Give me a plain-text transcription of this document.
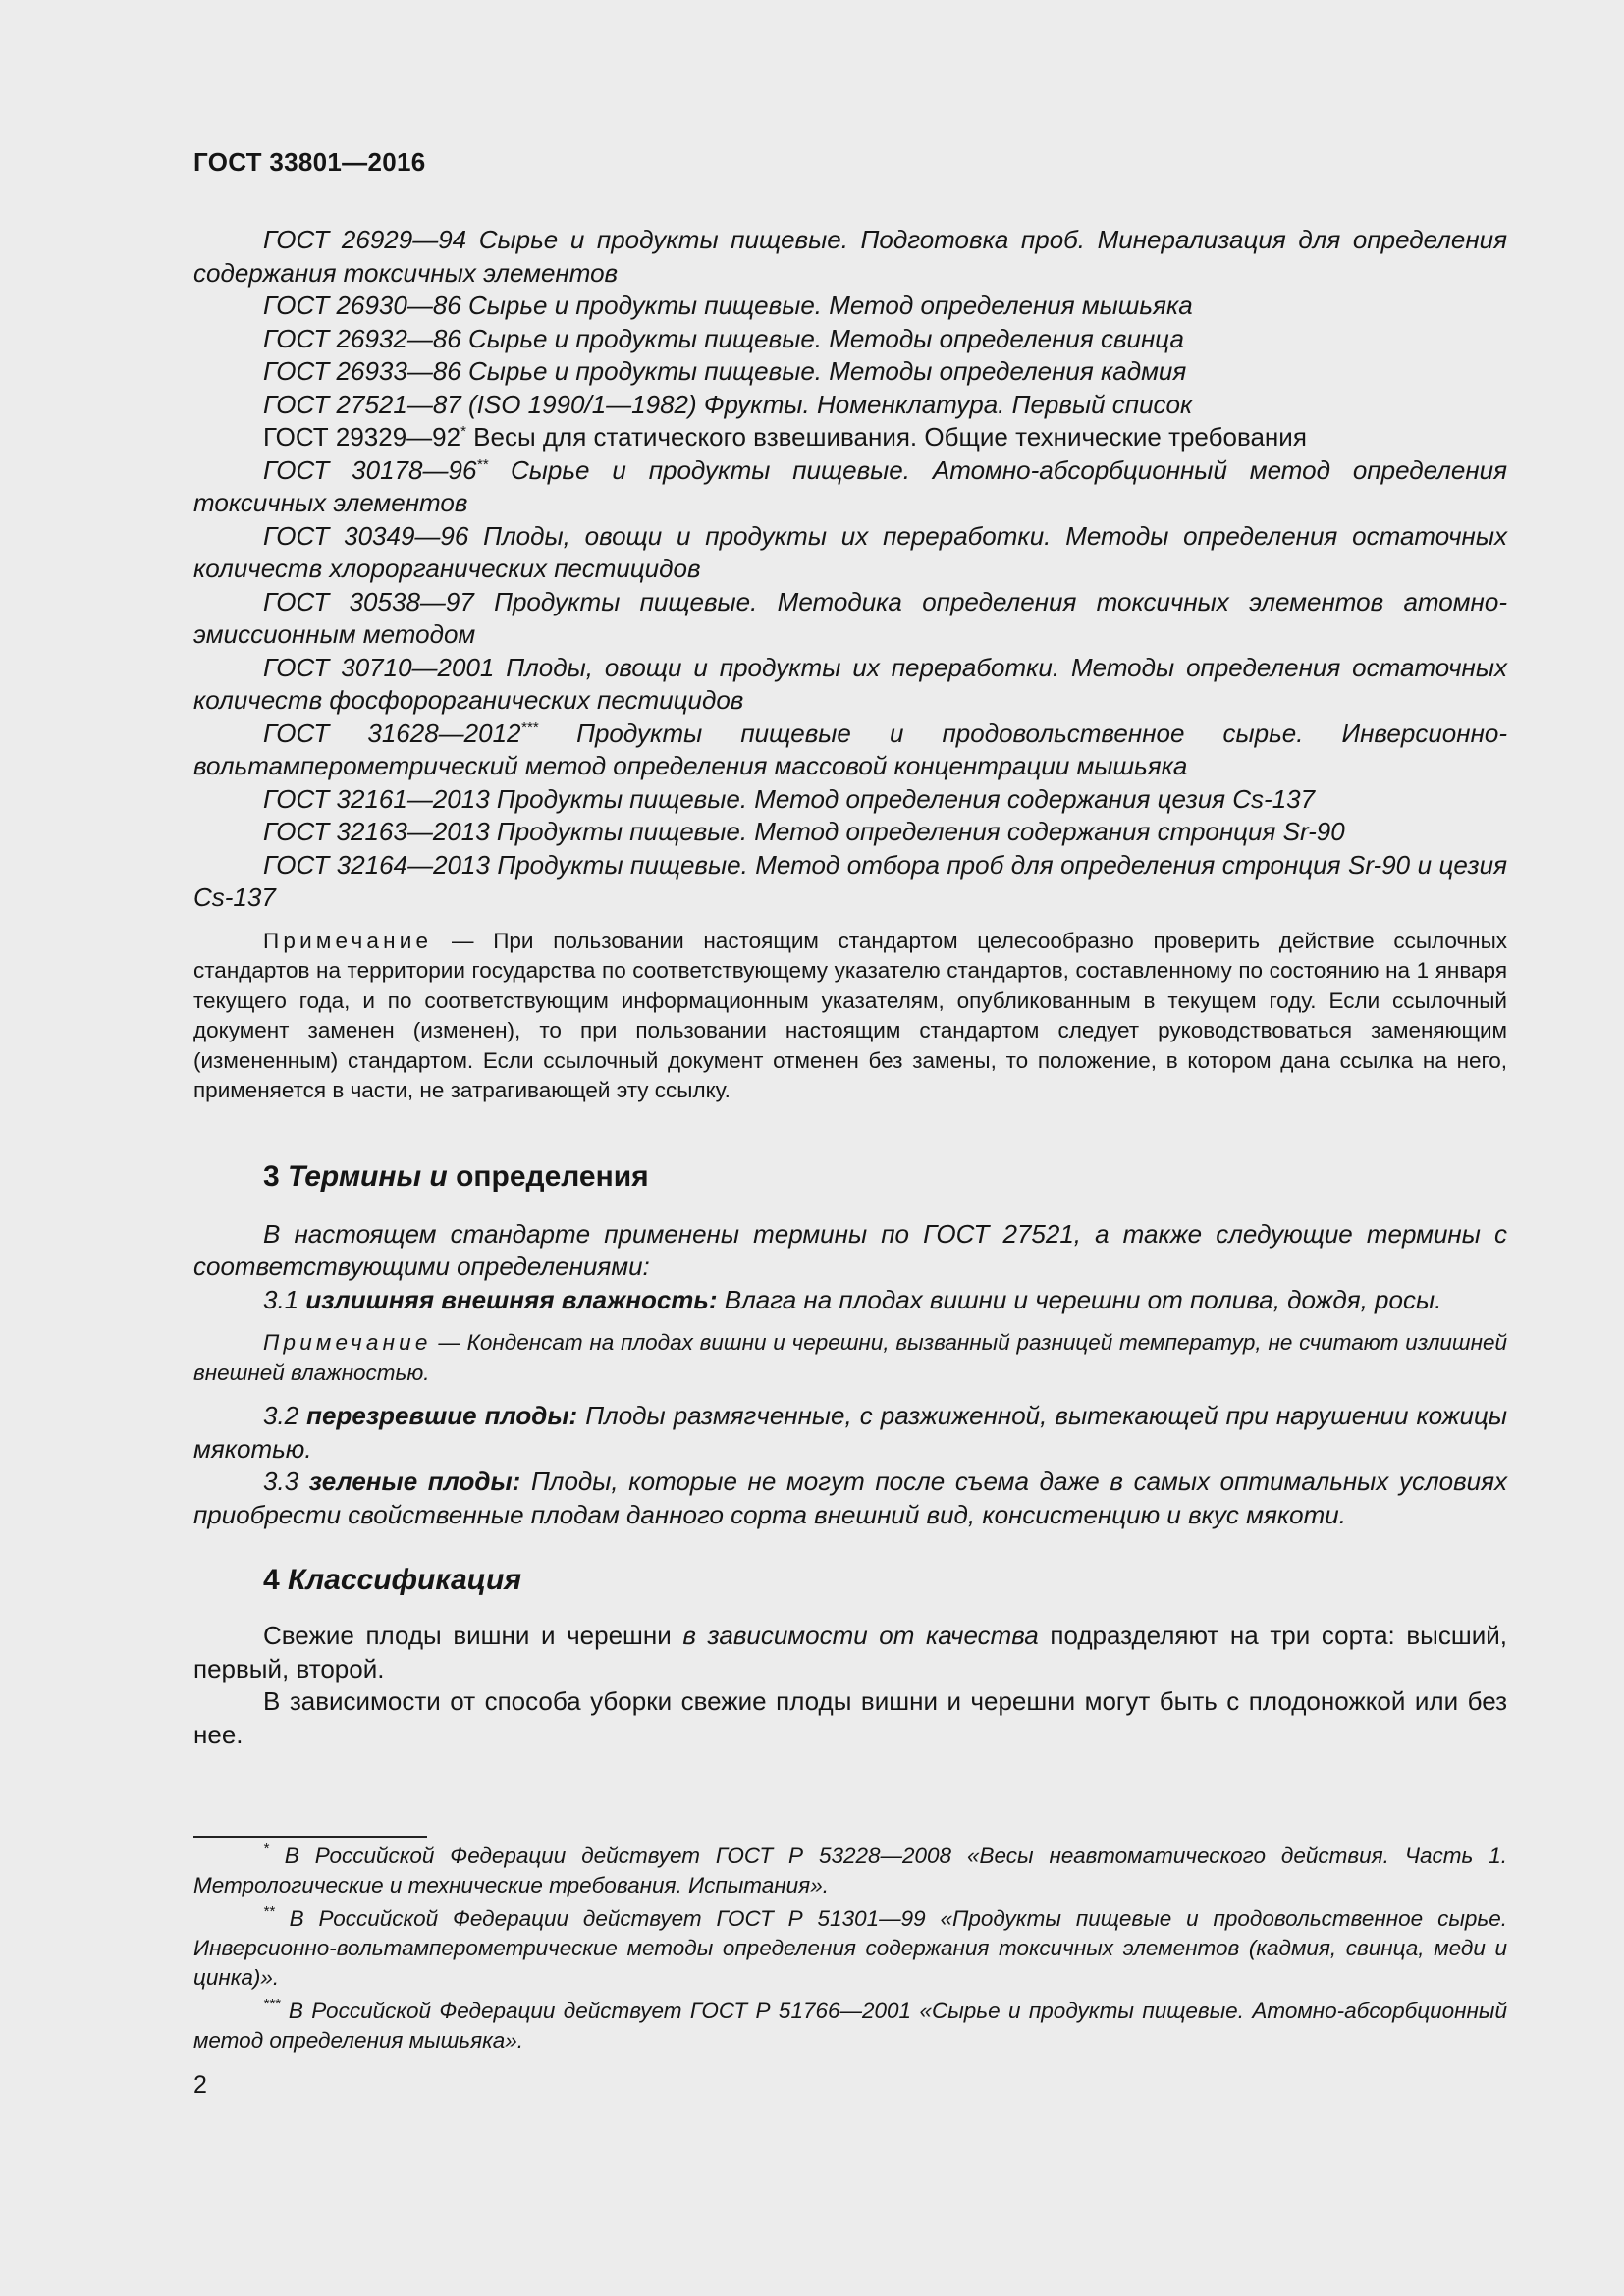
ГОСТ 33801—2016

ГОСТ 26929—94 Сырье и продукты пищевые. Подготовка проб. Минерализация для определения содержания токсичных элементов

ГОСТ 26930—86 Сырье и продукты пищевые. Метод определения мышьяка

ГОСТ 26932—86 Сырье и продукты пищевые. Методы определения свинца

ГОСТ 26933—86 Сырье и продукты пищевые. Методы определения кадмия

ГОСТ 27521—87 (ISO 1990/1—1982) Фрукты. Номенклатура. Первый список

ГОСТ 29329—92* Весы для статического взвешивания. Общие технические требования

ГОСТ 30178—96** Сырье и продукты пищевые. Атомно-абсорбционный метод определения токсичных элементов

ГОСТ 30349—96 Плоды, овощи и продукты их переработки. Методы определения остаточных количеств хлорорганических пестицидов

ГОСТ 30538—97 Продукты пищевые. Методика определения токсичных элементов атомно-эмиссионным методом

ГОСТ 30710—2001 Плоды, овощи и продукты их переработки. Методы определения остаточных количеств фосфорорганических пестицидов

ГОСТ 31628—2012*** Продукты пищевые и продовольственное сырье. Инверсионно-вольтамперометрический метод определения массовой концентрации мышьяка

ГОСТ 32161—2013 Продукты пищевые. Метод определения содержания цезия Cs-137

ГОСТ 32163—2013 Продукты пищевые. Метод определения содержания стронция Sr-90

ГОСТ 32164—2013 Продукты пищевые. Метод отбора проб для определения стронция Sr-90 и цезия Cs-137

Примечание — При пользовании настоящим стандартом целесообразно проверить действие ссылочных стандартов на территории государства по соответствующему указателю стандартов, составленному по состоянию на 1 января текущего года, и по соответствующим информационным указателям, опубликованным в текущем году. Если ссылочный документ заменен (изменен), то при пользовании настоящим стандартом следует руководствоваться заменяющим (измененным) стандартом. Если ссылочный документ отменен без замены, то положение, в котором дана ссылка на него, применяется в части, не затрагивающей эту ссылку.

3 Термины и определения

В настоящем стандарте применены термины по ГОСТ 27521, а также следующие термины с соответствующими определениями:

3.1 излишняя внешняя влажность: Влага на плодах вишни и черешни от полива, дождя, росы.

Примечание — Конденсат на плодах вишни и черешни, вызванный разницей температур, не считают излишней внешней влажностью.

3.2 перезревшие плоды: Плоды размягченные, с разжиженной, вытекающей при нарушении кожицы мякотью.

3.3 зеленые плоды: Плоды, которые не могут после съема даже в самых оптимальных условиях приобрести свойственные плодам данного сорта внешний вид, консистенцию и вкус мякоти.

4 Классификация

Свежие плоды вишни и черешни в зависимости от качества подразделяют на три сорта: высший, первый, второй.

В зависимости от способа уборки свежие плоды вишни и черешни могут быть с плодоножкой или без нее.

* В Российской Федерации действует ГОСТ Р 53228—2008 «Весы неавтоматического действия. Часть 1. Метрологические и технические требования. Испытания».

** В Российской Федерации действует ГОСТ Р 51301—99 «Продукты пищевые и продовольственное сырье. Инверсионно-вольтамперометрические методы определения содержания токсичных элементов (кадмия, свинца, меди и цинка)».

*** В Российской Федерации действует ГОСТ Р 51766—2001 «Сырье и продукты пищевые. Атомно-абсорбционный метод определения мышьяка».

2
